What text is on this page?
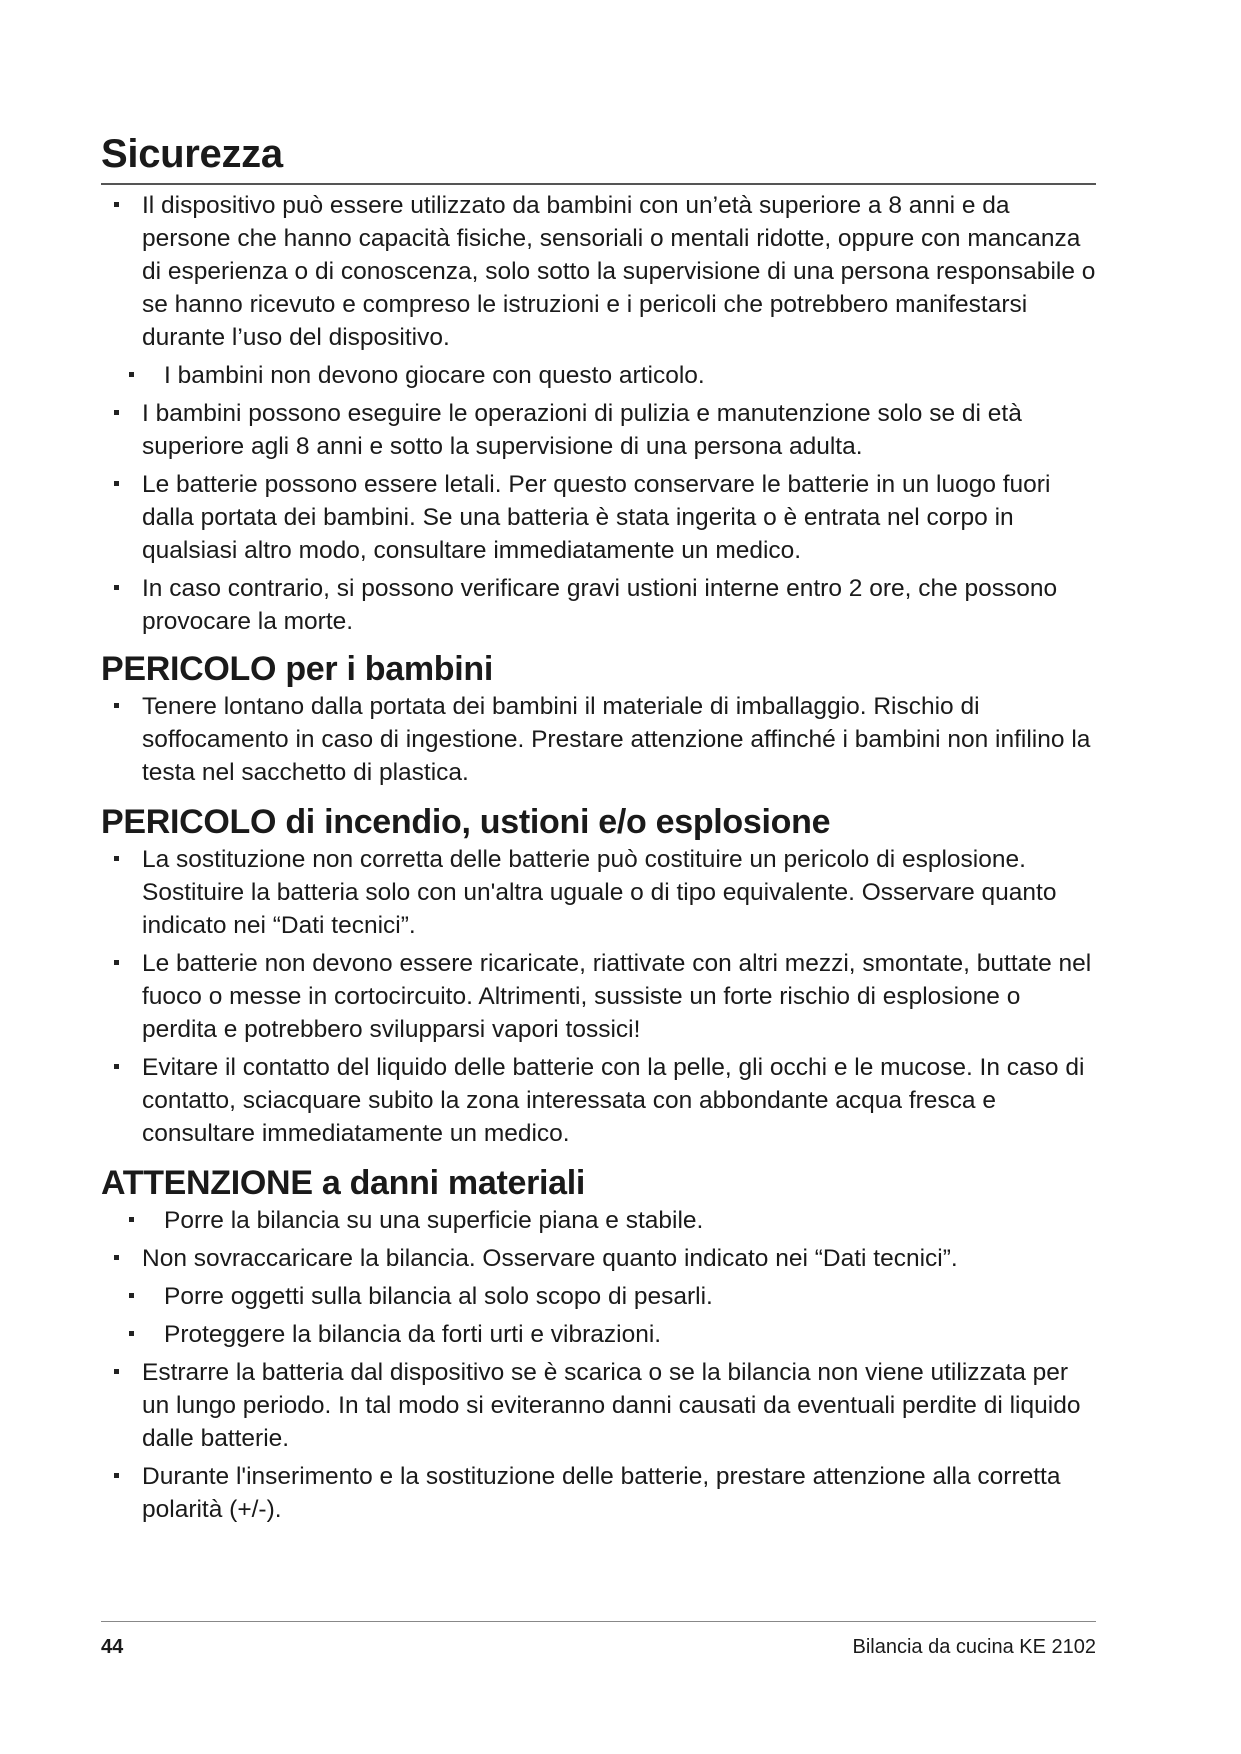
Sicurezza
Il dispositivo può essere utilizzato da bambini con un’età superiore a 8 anni e da persone che hanno capacità fisiche, sensoriali o mentali ridotte, oppure con mancanza di esperienza o di conoscenza, solo sotto la supervisione di una persona responsabile o se hanno ricevuto e compreso le istruzioni e i pericoli che potrebbero manifestarsi durante l’uso del dispositivo.
I bambini non devono giocare con questo articolo.
I bambini possono eseguire le operazioni di pulizia e manutenzione solo se di età superiore agli 8 anni e sotto la supervisione di una persona adulta.
Le batterie possono essere letali. Per questo conservare le batterie in un luogo fuori dalla portata dei bambini. Se una batteria è stata ingerita o è entrata nel corpo in qualsiasi altro modo, consultare immediatamente un medico.
In caso contrario, si possono verificare gravi ustioni interne entro 2 ore, che possono provocare la morte.
PERICOLO per i bambini
Tenere lontano dalla portata dei bambini il materiale di imballaggio. Rischio di soffocamento in caso di ingestione. Prestare attenzione affinché i bambini non infilino la testa nel sacchetto di plastica.
PERICOLO di incendio, ustioni e/o esplosione
La sostituzione non corretta delle batterie può costituire un pericolo di esplosione. Sostituire la batteria solo con un'altra uguale o di tipo equivalente. Osservare quanto indicato nei “Dati tecnici”.
Le batterie non devono essere ricaricate, riattivate con altri mezzi, smontate, buttate nel fuoco o messe in cortocircuito. Altrimenti, sussiste un forte rischio di esplosione o perdita e potrebbero svilupparsi vapori tossici!
Evitare il contatto del liquido delle batterie con la pelle, gli occhi e le mucose. In caso di contatto, sciacquare subito la zona interessata con abbondante acqua fresca e consultare immediatamente un medico.
ATTENZIONE a danni materiali
Porre la bilancia su una superficie piana e stabile.
Non sovraccaricare la bilancia. Osservare quanto indicato nei “Dati tecnici”.
Porre oggetti sulla bilancia al solo scopo di pesarli.
Proteggere la bilancia da forti urti e vibrazioni.
Estrarre la batteria dal dispositivo se è scarica o se la bilancia non viene utilizzata per un lungo periodo. In tal modo si eviteranno danni causati da eventuali perdite di liquido dalle batterie.
Durante l'inserimento e la sostituzione delle batterie, prestare attenzione alla corretta polarità (+/-).
44	Bilancia da cucina KE 2102
